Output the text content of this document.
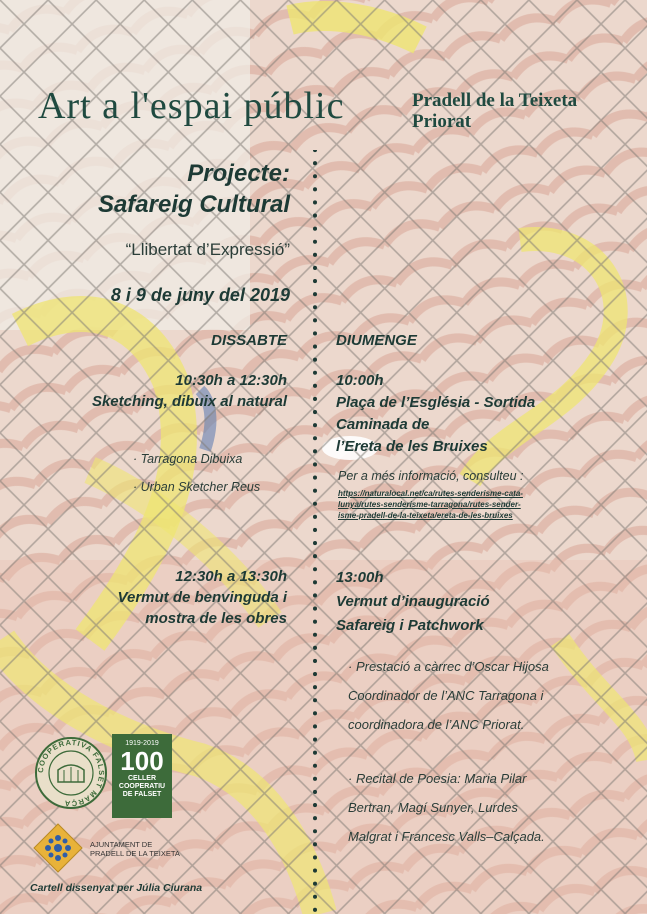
Art a l'espai públic	Pradell de la Teixeta
Priorat
Projecte:
Safareig Cultural
“Llibertat d’Expressió”
8 i 9 de juny del 2019
DISSABTE	DIUMENGE
10:30h a 12:30h
Sketching, dibuix al natural
· Tarragona Dibuixa
· Urban Sketcher Reus
12:30h a 13:30h
Vermut de benvinguda i
mostra de les obres
10:00h
Plaça de l’Església - Sortida
Caminada de
l’Ereta de les Bruixes
Per a més informació, consulteu :
https://naturalocal.net/ca/rutes-senderisme-cata-
lunya/rutes-senderisme-tarragona/rutes-sender-
isme-pradell-de-la-teixeta/ereta-de-les-bruixes
13:00h
Vermut d’inauguració
Safareig i Patchwork
· Prestació a càrrec d’Oscar Hijosa
Coordinador de l’ANC Tarragona i
coordinadora de l’ANC Priorat.
· Recital de Poesia: Maria Pilar
Bertran, Magí Sunyer, Lurdes
Malgrat i Francesc Valls–Calçada.
COOPERATIVA FALSET MARÇÀ
1919-2019
100
CELLER
COOPERATIU
DE FALSET
AJUNTAMENT DE
PRADELL DE LA TEIXETA
Cartell dissenyat per Júlia Ciurana
